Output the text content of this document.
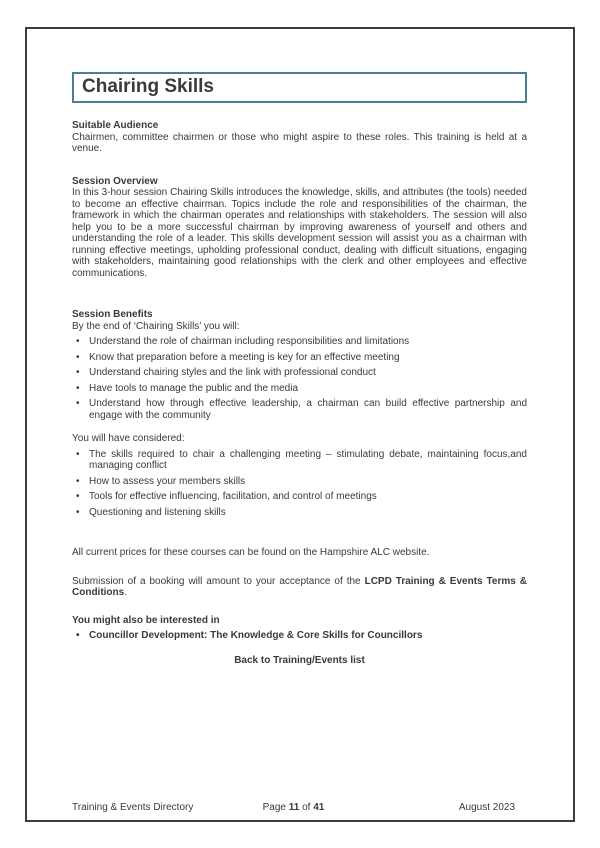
Chairing Skills
Suitable Audience

Chairmen, committee chairmen or those who might aspire to these roles. This training is held at a venue.

Session Overview

In this 3-hour session Chairing Skills introduces the knowledge, skills, and attributes (the tools) needed to become an effective chairman. Topics include the role and responsibilities of the chairman, the framework in which the chairman operates and relationships with stakeholders. The session will also help you to be a more successful chairman by improving awareness of yourself and others and understanding the role of a leader. This skills development session will assist you as a chairman with running effective meetings, upholding professional conduct, dealing with difficult situations, engaging with stakeholders, maintaining good relationships with the clerk and other employees and effective communications.

Session Benefits

By the end of ‘Chairing Skills’ you will:

• Understand the role of chairman including responsibilities and limitations
• Know that preparation before a meeting is key for an effective meeting
• Understand chairing styles and the link with professional conduct
• Have tools to manage the public and the media
• Understand how through effective leadership, a chairman can build effective partnership and engage with the community

You will have considered:

• The skills required to chair a challenging meeting – stimulating debate, maintaining focus,and managing conflict
• How to assess your members skills
• Tools for effective influencing, facilitation, and control of meetings
• Questioning and listening skills

All current prices for these courses can be found on the Hampshire ALC website.

Submission of a booking will amount to your acceptance of the LCPD Training & Events Terms & Conditions.

You might also be interested in
• Councillor Development: The Knowledge & Core Skills for Councillors
Back to Training/Events list
Training & Events Directory	Page 11 of 41	August 2023
